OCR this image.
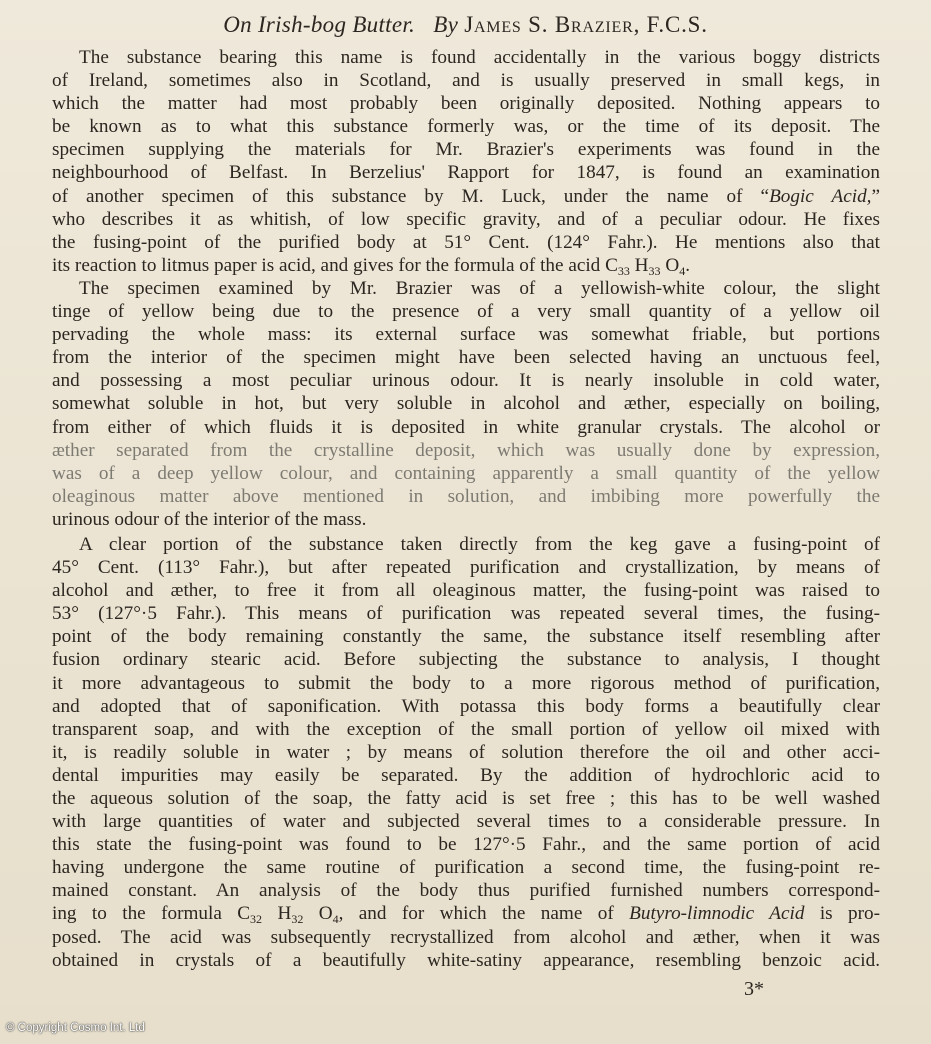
On Irish-bog Butter. By James S. Brazier, F.C.S.

The substance bearing this name is found accidentally in the various boggy districts
of Ireland, sometimes also in Scotland, and is usually preserved in small kegs, in
which the matter had most probably been originally deposited. Nothing appears to
be known as to what this substance formerly was, or the time of its deposit. The
specimen supplying the materials for Mr. Brazier's experiments was found in the
neighbourhood of Belfast. In Berzelius' Rapport for 1847, is found an examination
of another specimen of this substance by M. Luck, under the name of “Bogic Acid,”
who describes it as whitish, of low specific gravity, and of a peculiar odour. He fixes
the fusing-point of the purified body at 51° Cent. (124° Fahr.). He mentions also that
its reaction to litmus paper is acid, and gives for the formula of the acid $C_{33}$ $H_{33}$ $O_4$.

The specimen examined by Mr. Brazier was of a yellowish-white colour, the slight
tinge of yellow being due to the presence of a very small quantity of a yellow oil
pervading the whole mass: its external surface was somewhat friable, but portions
from the interior of the specimen might have been selected having an unctuous feel,
and possessing a most peculiar urinous odour. It is nearly insoluble in cold water,
somewhat soluble in hot, but very soluble in alcohol and æther, especially on boiling,
from either of which fluids it is deposited in white granular crystals. The alcohol or
æther separated from the crystalline deposit, which was usually done by expression,
was of a deep yellow colour, and containing apparently a small quantity of the yellow
oleaginous matter above mentioned in solution, and imbibing more powerfully the
urinous odour of the interior of the mass.

A clear portion of the substance taken directly from the keg gave a fusing-point of
45° Cent. (113° Fahr.), but after repeated purification and crystallization, by means of
alcohol and æther, to free it from all oleaginous matter, the fusing-point was raised to
53° (127°·5 Fahr.). This means of purification was repeated several times, the fusing-
point of the body remaining constantly the same, the substance itself resembling after
fusion ordinary stearic acid. Before subjecting the substance to analysis, I thought
it more advantageous to submit the body to a more rigorous method of purification,
and adopted that of saponification. With potassa this body forms a beautifully clear
transparent soap, and with the exception of the small portion of yellow oil mixed with
it, is readily soluble in water ; by means of solution therefore the oil and other acci-
dental impurities may easily be separated. By the addition of hydrochloric acid to
the aqueous solution of the soap, the fatty acid is set free ; this has to be well washed
with large quantities of water and subjected several times to a considerable pressure. In
this state the fusing-point was found to be 127°·5 Fahr., and the same portion of acid
having undergone the same routine of purification a second time, the fusing-point re-
mained constant. An analysis of the body thus purified furnished numbers correspond-
ing to the formula $C_{32}$ $H_{32}$ $O_4$, and for which the name of Butyro-limnodic Acid is pro-
posed. The acid was subsequently recrystallized from alcohol and æther, when it was
obtained in crystals of a beautifully white-satiny appearance, resembling benzoic acid.

3*
© Copyright Cosmo Int. Ltd
